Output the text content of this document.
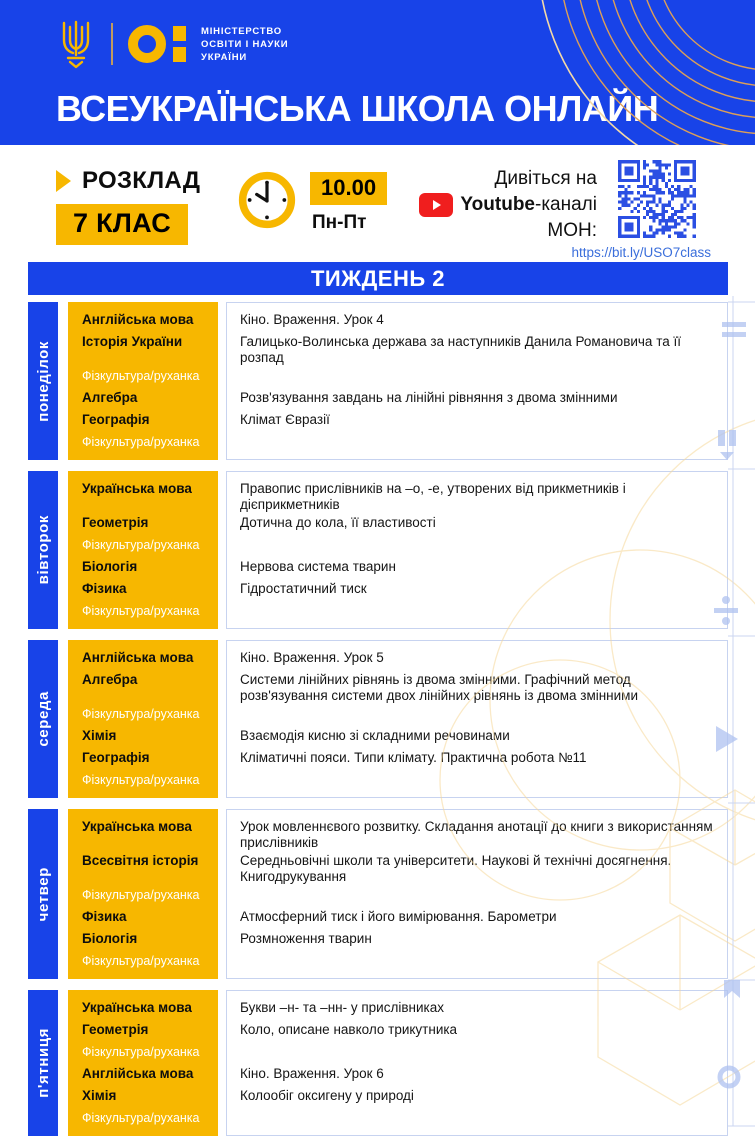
МІНІСТЕРСТВО
ОСВІТИ І НАУКИ
УКРАЇНИ
ВСЕУКРАЇНСЬКА ШКОЛА ОНЛАЙН
РОЗКЛАД
7 КЛАС
10.00
Пн-Пт
Дивіться на
Youtube-каналі
МОН:
https://bit.ly/USO7class
ТИЖДЕНЬ 2
понеділок
Англійська мова	Кіно. Враження. Урок 4
Історія України	Галицько-Волинська держава за наступників Данила Романовича та її розпад
Фізкультура/руханка
Алгебра	Розв'язування завдань на лінійні рівняння з двома змінними
Географія	Клімат Євразії
Фізкультура/руханка
вівторок
Українська мова	Правопис прислівників на –о, -е, утворених від прикметників і дієприкметників
Геометрія	Дотична до кола, її властивості
Фізкультура/руханка
Біологія	Нервова система тварин
Фізика	Гідростатичний тиск
Фізкультура/руханка
середа
Англійська мова	Кіно. Враження. Урок 5
Алгебра	Системи лінійних рівнянь із двома змінними. Графічний метод розв'язування системи двох лінійних рівнянь із двома змінними
Фізкультура/руханка
Хімія	Взаємодія кисню зі складними речовинами
Географія	Кліматичні пояси. Типи клімату. Практична робота №11
Фізкультура/руханка
четвер
Українська мова	Урок мовленнєвого розвитку. Складання анотації до книги з використанням прислівників
Всесвітня історія	Середньовічні школи та університети. Наукові й технічні досягнення. Книгодрукування
Фізкультура/руханка
Фізика	Атмосферний тиск і його вимірювання. Барометри
Біологія	Розмноження тварин
Фізкультура/руханка
п'ятниця
Українська мова	Букви –н- та –нн- у прислівниках
Геометрія	Коло, описане навколо трикутника
Фізкультура/руханка
Англійська мова	Кіно. Враження. Урок 6
Хімія	Колообіг оксигену у природі
Фізкультура/руханка
